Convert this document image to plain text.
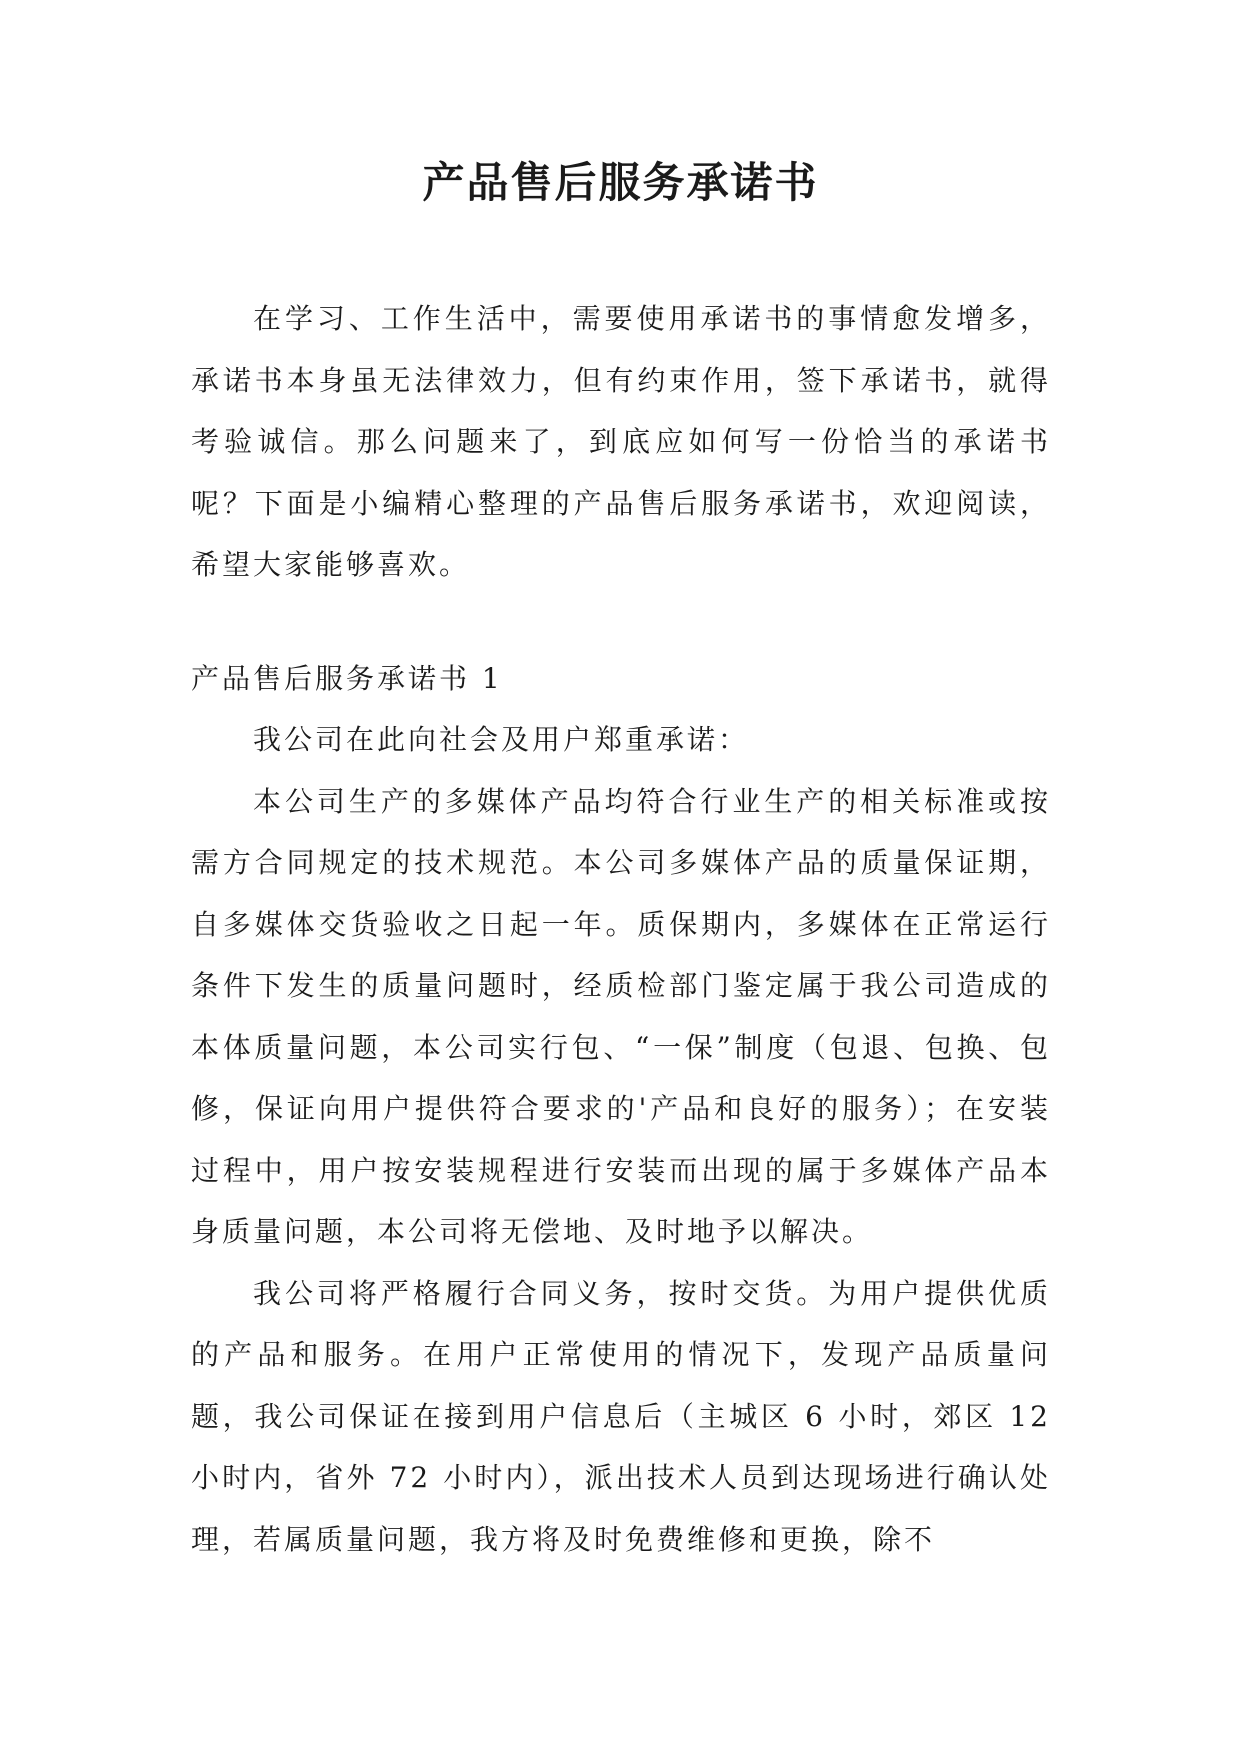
产品售后服务承诺书

在学习、工作生活中，需要使用承诺书的事情愈发增多，承诺书本身虽无法律效力，但有约束作用，签下承诺书，就得考验诚信。那么问题来了，到底应如何写一份恰当的承诺书呢？下面是小编精心整理的产品售后服务承诺书，欢迎阅读，希望大家能够喜欢。

产品售后服务承诺书 1

我公司在此向社会及用户郑重承诺：

本公司生产的多媒体产品均符合行业生产的相关标准或按需方合同规定的技术规范。本公司多媒体产品的质量保证期，自多媒体交货验收之日起一年。质保期内，多媒体在正常运行条件下发生的质量问题时，经质检部门鉴定属于我公司造成的本体质量问题，本公司实行包、“一保”制度（包退、包换、包修，保证向用户提供符合要求的'产品和良好的服务）；在安装过程中，用户按安装规程进行安装而出现的属于多媒体产品本身质量问题，本公司将无偿地、及时地予以解决。

我公司将严格履行合同义务，按时交货。为用户提供优质的产品和服务。在用户正常使用的情况下，发现产品质量问题，我公司保证在接到用户信息后（主城区 6 小时，郊区 12 小时内，省外 72 小时内），派出技术人员到达现场进行确认处理，若属质量问题，我方将及时免费维修和更换，除不
